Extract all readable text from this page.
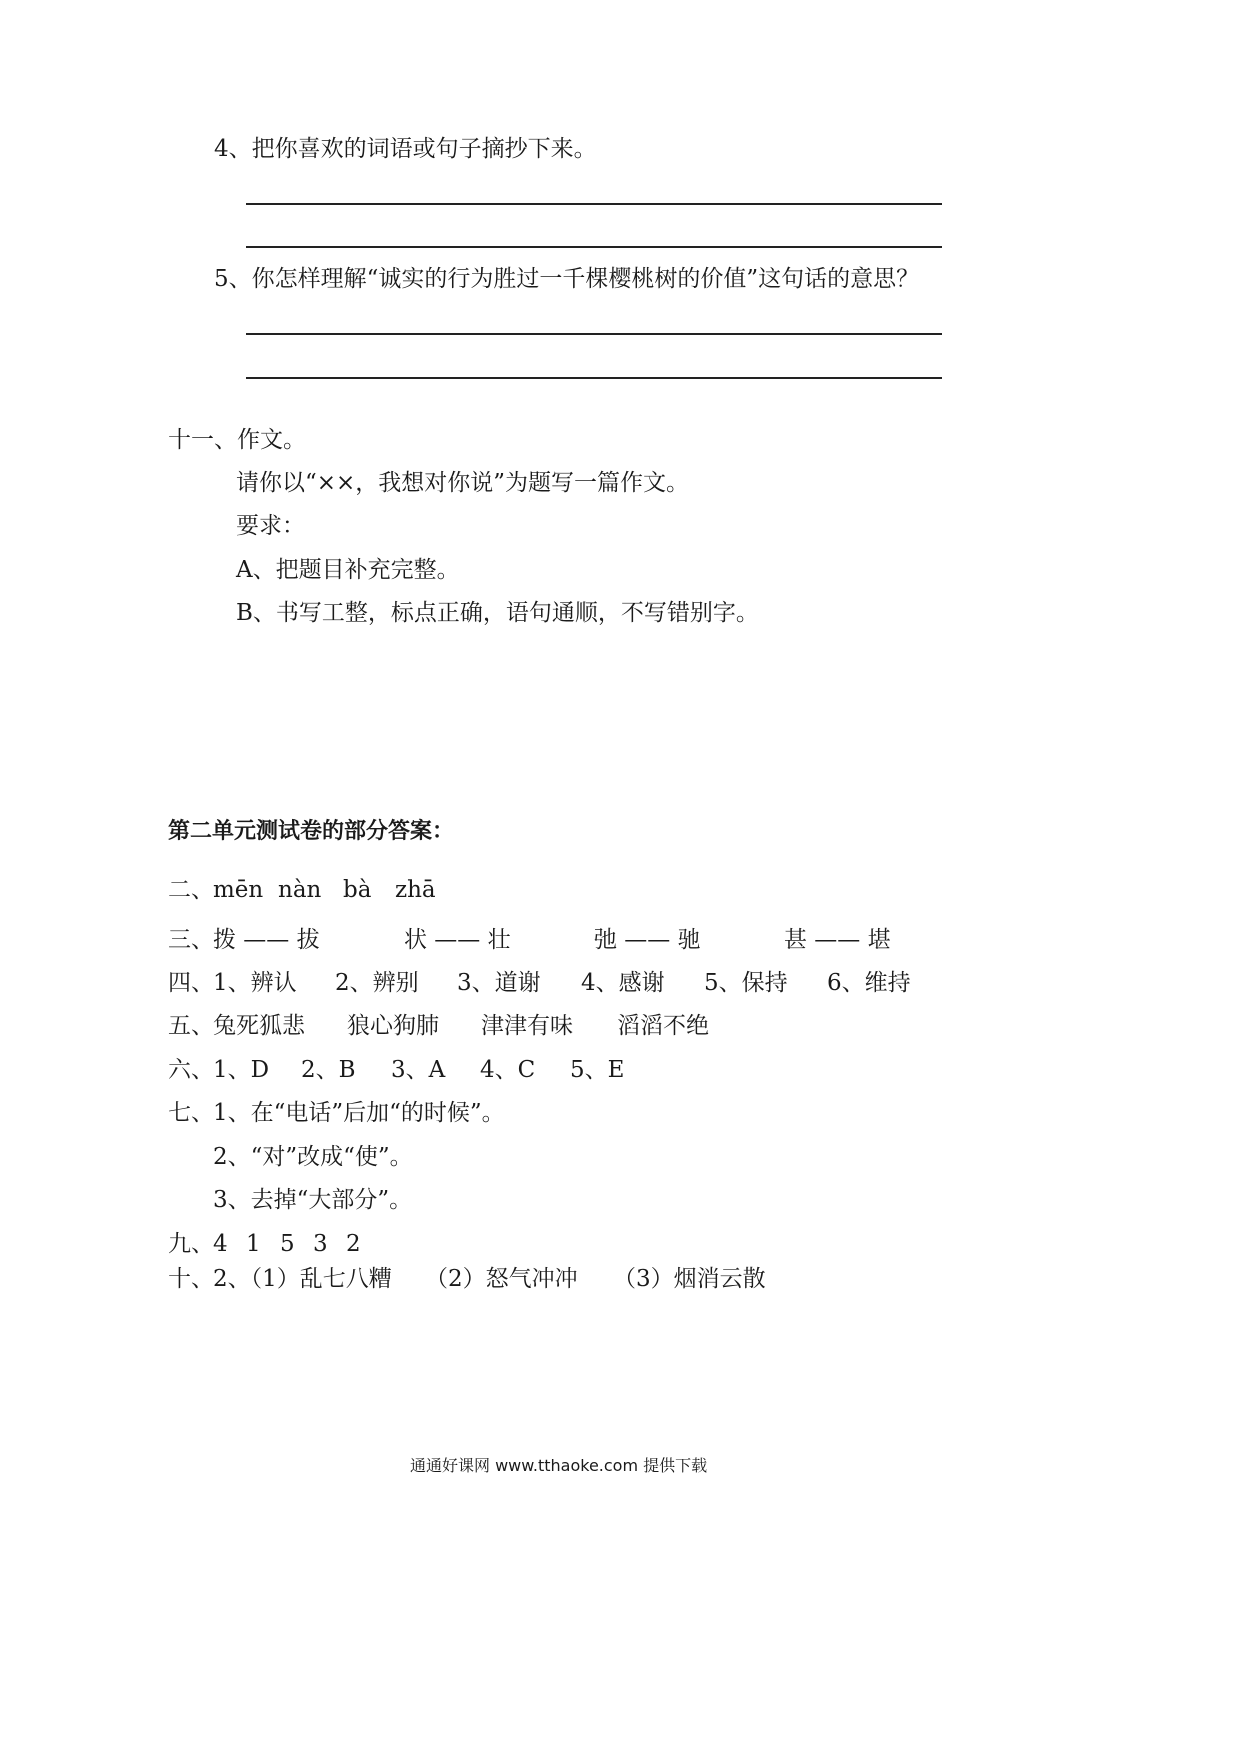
4、把你喜欢的词语或句子摘抄下来。
5、你怎样理解“诚实的行为胜过一千棵樱桃树的价值”这句话的意思？
十一、作文。
请你以“××，我想对你说”为题写一篇作文。
要求：
A、把题目补充完整。
B、书写工整，标点正确，语句通顺，不写错别字。
第二单元测试卷的部分答案：
二、 mēn nàn bà zhā
三、 拨 —— 拔	状 —— 壮	弛 —— 驰	甚 —— 堪
四、 1、辨认 2、辨别 3、道谢 4、感谢 5、保持 6、维持
五、 兔死狐悲 狼心狗肺 津津有味 滔滔不绝
六、 1、D 2、B 3、A 4、C 5、E
七、 1、在“电话”后加“的时候”。
2、“对”改成“使”。
3、去掉“大部分”。
九、 4 1 5 3 2
十、 2、（1）乱七八糟 （2）怒气冲冲 （3）烟消云散
通通好课网 www.tthaoke.com 提供下载
